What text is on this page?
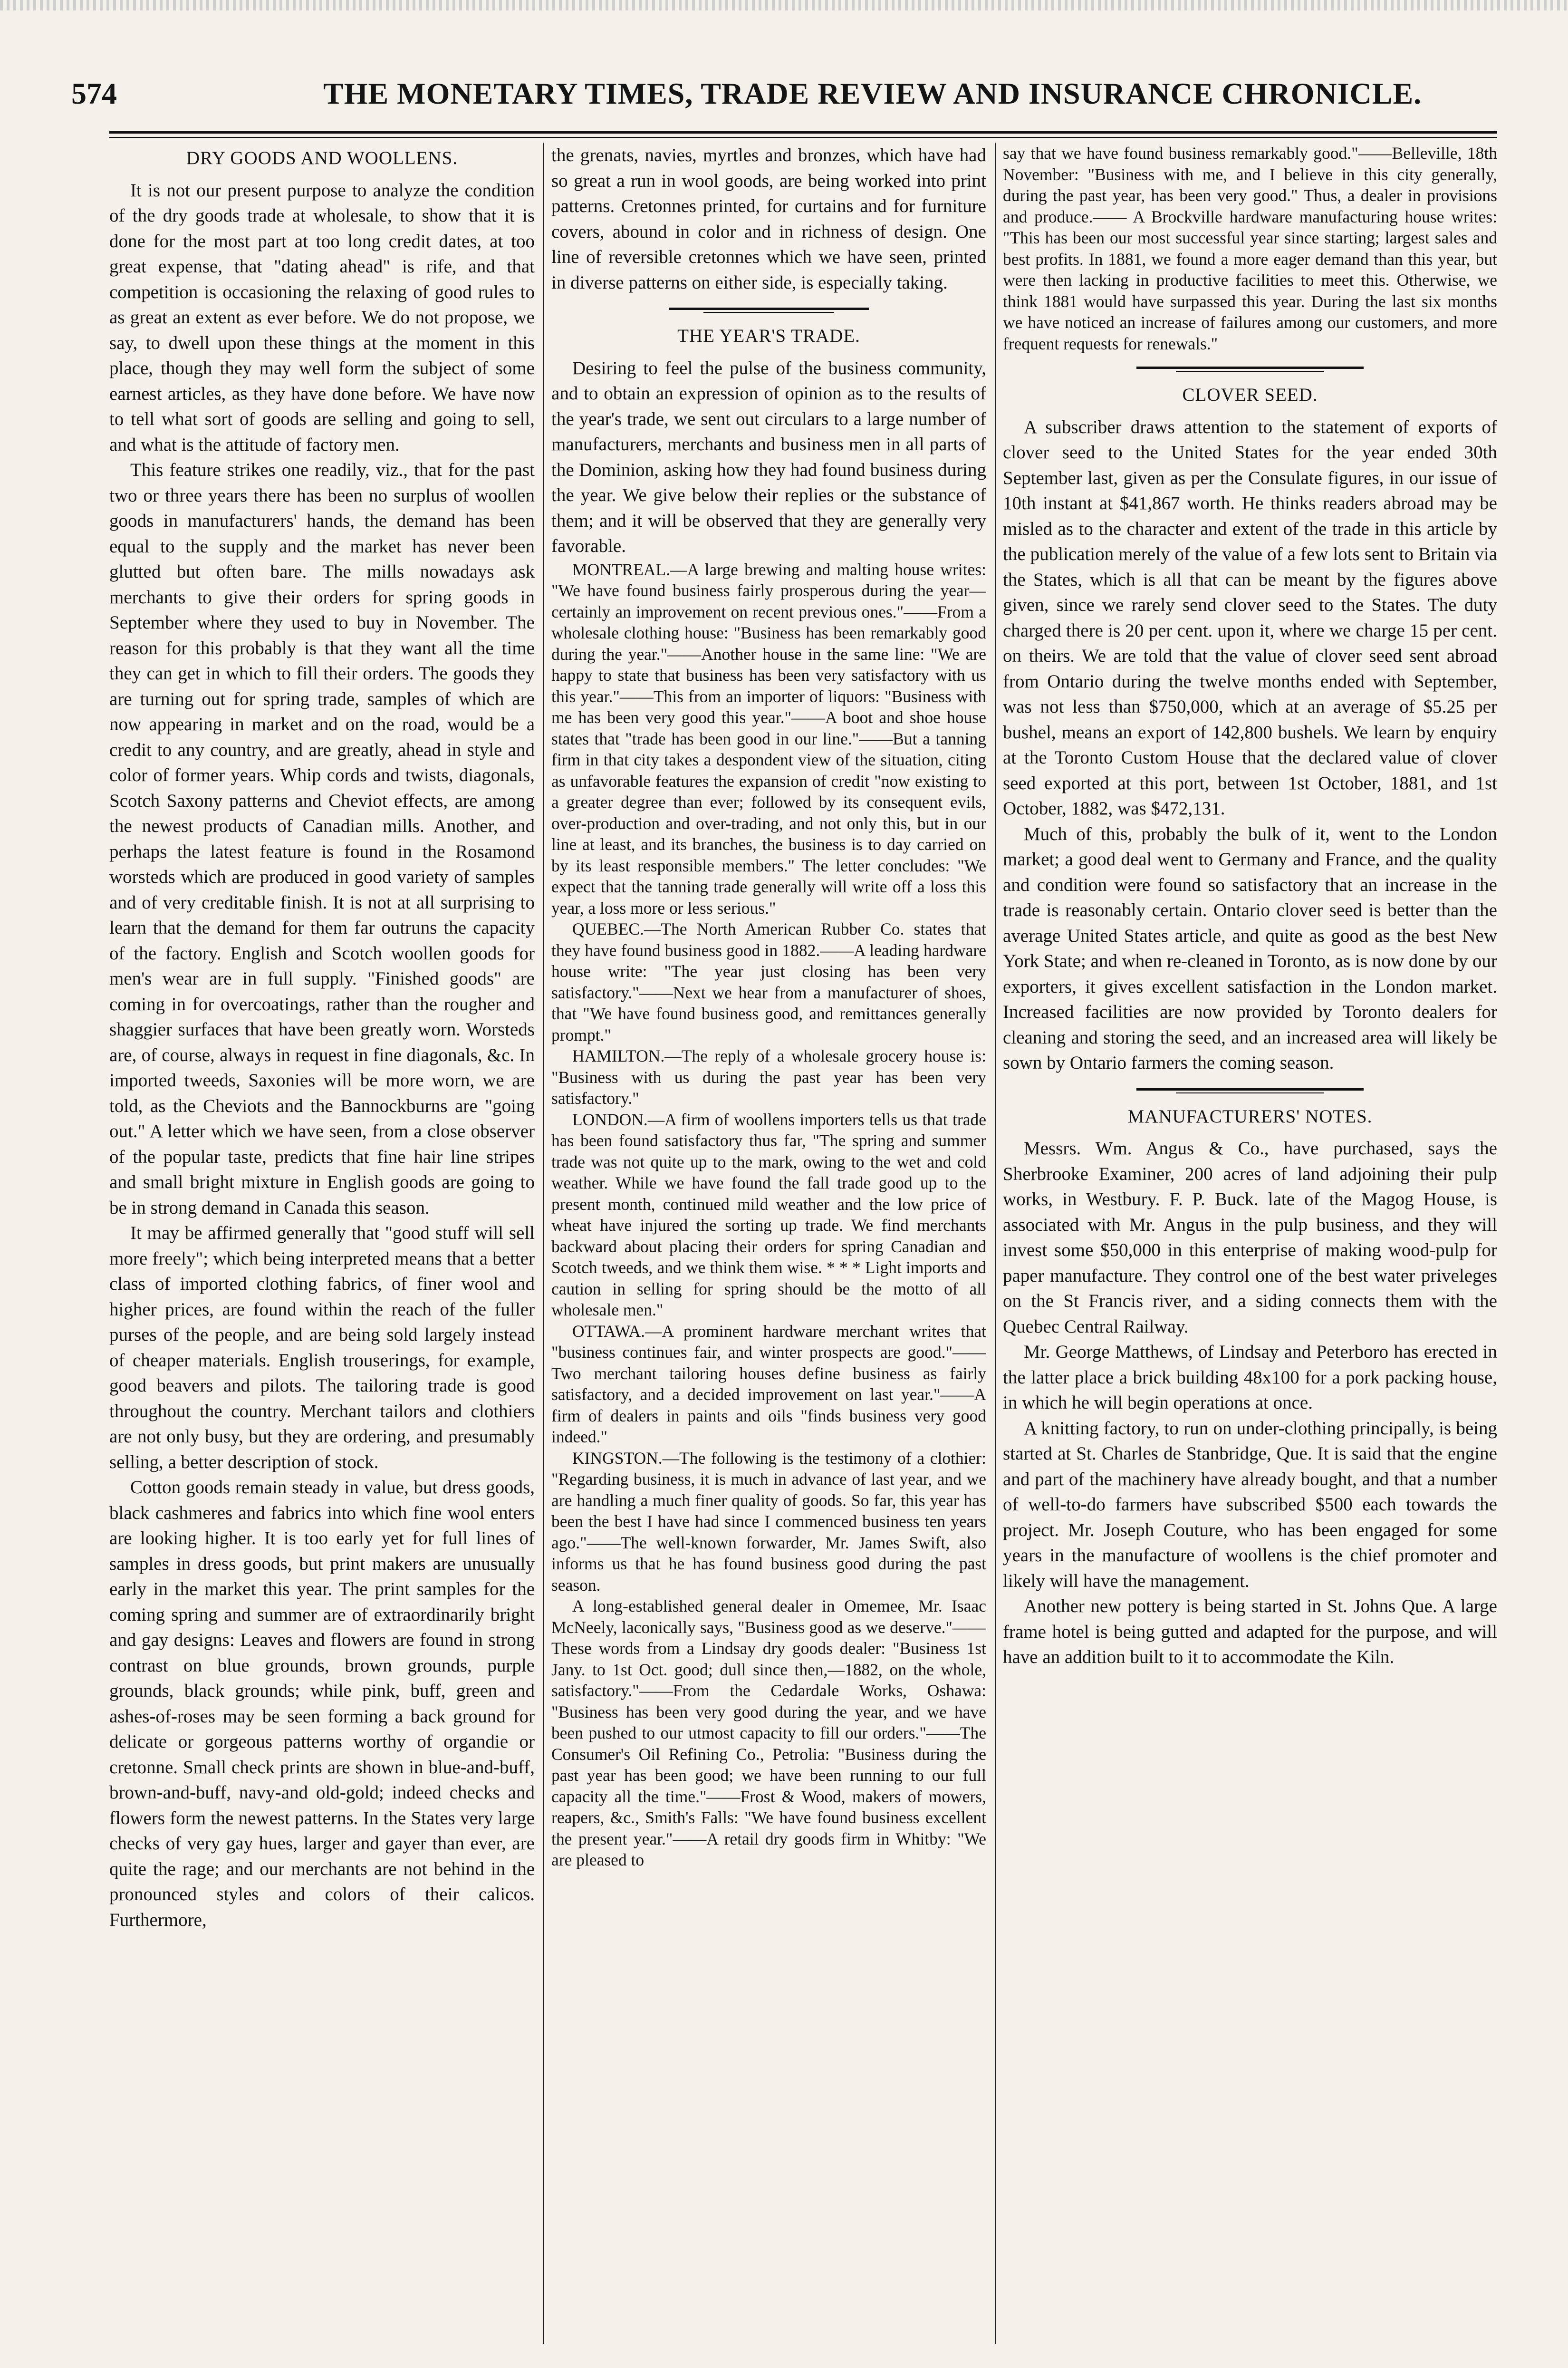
574	THE MONETARY TIMES, TRADE REVIEW AND INSURANCE CHRONICLE.
DRY GOODS AND WOOLLENS.

It is not our present purpose to analyze the condition of the dry goods trade at wholesale, to show that it is done for the most part at too long credit dates, at too great expense, that "dating ahead" is rife, and that competition is occasioning the relaxing of good rules to as great an extent as ever before. We do not propose, we say, to dwell upon these things at the moment in this place, though they may well form the subject of some earnest articles, as they have done before. We have now to tell what sort of goods are selling and going to sell, and what is the attitude of factory men.

This feature strikes one readily, viz., that for the past two or three years there has been no surplus of woollen goods in manufacturers' hands, the demand has been equal to the supply and the market has never been glutted but often bare. The mills nowadays ask merchants to give their orders for spring goods in September where they used to buy in November. The reason for this probably is that they want all the time they can get in which to fill their orders. The goods they are turning out for spring trade, samples of which are now appearing in market and on the road, would be a credit to any country, and are greatly, ahead in style and color of former years. Whip cords and twists, diagonals, Scotch Saxony patterns and Cheviot effects, are among the newest products of Canadian mills. Another, and perhaps the latest feature is found in the Rosamond worsteds which are produced in good variety of samples and of very creditable finish. It is not at all surprising to learn that the demand for them far outruns the capacity of the factory. English and Scotch woollen goods for men's wear are in full supply. "Finished goods" are coming in for overcoatings, rather than the rougher and shaggier surfaces that have been greatly worn. Worsteds are, of course, always in request in fine diagonals, &c. In imported tweeds, Saxonies will be more worn, we are told, as the Cheviots and the Bannockburns are "going out." A letter which we have seen, from a close observer of the popular taste, predicts that fine hair line stripes and small bright mixture in English goods are going to be in strong demand in Canada this season.

It may be affirmed generally that "good stuff will sell more freely"; which being interpreted means that a better class of imported clothing fabrics, of finer wool and higher prices, are found within the reach of the fuller purses of the people, and are being sold largely instead of cheaper materials. English trouserings, for example, good beavers and pilots. The tailoring trade is good throughout the country. Merchant tailors and clothiers are not only busy, but they are ordering, and presumably selling, a better description of stock.

Cotton goods remain steady in value, but dress goods, black cashmeres and fabrics into which fine wool enters are looking higher. It is too early yet for full lines of samples in dress goods, but print makers are unusually early in the market this year. The print samples for the coming spring and summer are of extraordinarily bright and gay designs: Leaves and flowers are found in strong contrast on blue grounds, brown grounds, purple grounds, black grounds; while pink, buff, green and ashes-of-roses may be seen forming a back ground for delicate or gorgeous patterns worthy of organdie or cretonne. Small check prints are shown in blue-and-buff, brown-and-buff, navy-and old-gold; indeed checks and flowers form the newest patterns. In the States very large checks of very gay hues, larger and gayer than ever, are quite the rage; and our merchants are not behind in the pronounced styles and colors of their calicos. Furthermore,

the grenats, navies, myrtles and bronzes, which have had so great a run in wool goods, are being worked into print patterns. Cretonnes printed, for curtains and for furniture covers, abound in color and in richness of design. One line of reversible cretonnes which we have seen, printed in diverse patterns on either side, is especially taking.

THE YEAR'S TRADE.

Desiring to feel the pulse of the business community, and to obtain an expression of opinion as to the results of the year's trade, we sent out circulars to a large number of manufacturers, merchants and business men in all parts of the Dominion, asking how they had found business during the year. We give below their replies or the substance of them; and it will be observed that they are generally very favorable.

MONTREAL.—A large brewing and malting house writes: "We have found business fairly prosperous during the year—certainly an improvement on recent previous ones."——From a wholesale clothing house: "Business has been remarkably good during the year."——Another house in the same line: "We are happy to state that business has been very satisfactory with us this year."——This from an importer of liquors: "Business with me has been very good this year."——A boot and shoe house states that "trade has been good in our line."——But a tanning firm in that city takes a despondent view of the situation, citing as unfavorable features the expansion of credit "now existing to a greater degree than ever; followed by its consequent evils, over-production and over-trading, and not only this, but in our line at least, and its branches, the business is to day carried on by its least responsible members." The letter concludes: "We expect that the tanning trade generally will write off a loss this year, a loss more or less serious."

QUEBEC.—The North American Rubber Co. states that they have found business good in 1882.——A leading hardware house write: "The year just closing has been very satisfactory."——Next we hear from a manufacturer of shoes, that "We have found business good, and remittances generally prompt."

HAMILTON.—The reply of a wholesale grocery house is: "Business with us during the past year has been very satisfactory."

LONDON.—A firm of woollens importers tells us that trade has been found satisfactory thus far, "The spring and summer trade was not quite up to the mark, owing to the wet and cold weather. While we have found the fall trade good up to the present month, continued mild weather and the low price of wheat have injured the sorting up trade. We find merchants backward about placing their orders for spring Canadian and Scotch tweeds, and we think them wise. * * * Light imports and caution in selling for spring should be the motto of all wholesale men."

OTTAWA.—A prominent hardware merchant writes that "business continues fair, and winter prospects are good."——Two merchant tailoring houses define business as fairly satisfactory, and a decided improvement on last year."——A firm of dealers in paints and oils "finds business very good indeed."

KINGSTON.—The following is the testimony of a clothier: "Regarding business, it is much in advance of last year, and we are handling a much finer quality of goods. So far, this year has been the best I have had since I commenced business ten years ago."——The well-known forwarder, Mr. James Swift, also informs us that he has found business good during the past season.

A long-established general dealer in Omemee, Mr. Isaac McNeely, laconically says, "Business good as we deserve."——These words from a Lindsay dry goods dealer: "Business 1st Jany. to 1st Oct. good; dull since then,—1882, on the whole, satisfactory."——From the Cedardale Works, Oshawa: "Business has been very good during the year, and we have been pushed to our utmost capacity to fill our orders."——The Consumer's Oil Refining Co., Petrolia: "Business during the past year has been good; we have been running to our full capacity all the time."——Frost & Wood, makers of mowers, reapers, &c., Smith's Falls: "We have found business excellent the present year."——A retail dry goods firm in Whitby: "We are pleased to

say that we have found business remarkably good."——Belleville, 18th November: "Business with me, and I believe in this city generally, during the past year, has been very good." Thus, a dealer in provisions and produce.—— A Brockville hardware manufacturing house writes: "This has been our most successful year since starting; largest sales and best profits. In 1881, we found a more eager demand than this year, but were then lacking in productive facilities to meet this. Otherwise, we think 1881 would have surpassed this year. During the last six months we have noticed an increase of failures among our customers, and more frequent requests for renewals."

CLOVER SEED.

A subscriber draws attention to the statement of exports of clover seed to the United States for the year ended 30th September last, given as per the Consulate figures, in our issue of 10th instant at $41,867 worth. He thinks readers abroad may be misled as to the character and extent of the trade in this article by the publication merely of the value of a few lots sent to Britain via the States, which is all that can be meant by the figures above given, since we rarely send clover seed to the States. The duty charged there is 20 per cent. upon it, where we charge 15 per cent. on theirs. We are told that the value of clover seed sent abroad from Ontario during the twelve months ended with September, was not less than $750,000, which at an average of $5.25 per bushel, means an export of 142,800 bushels. We learn by enquiry at the Toronto Custom House that the declared value of clover seed exported at this port, between 1st October, 1881, and 1st October, 1882, was $472,131.

Much of this, probably the bulk of it, went to the London market; a good deal went to Germany and France, and the quality and condition were found so satisfactory that an increase in the trade is reasonably certain. Ontario clover seed is better than the average United States article, and quite as good as the best New York State; and when re-cleaned in Toronto, as is now done by our exporters, it gives excellent satisfaction in the London market. Increased facilities are now provided by Toronto dealers for cleaning and storing the seed, and an increased area will likely be sown by Ontario farmers the coming season.

MANUFACTURERS' NOTES.

Messrs. Wm. Angus & Co., have purchased, says the Sherbrooke Examiner, 200 acres of land adjoining their pulp works, in Westbury. F. P. Buck. late of the Magog House, is associated with Mr. Angus in the pulp business, and they will invest some $50,000 in this enterprise of making wood-pulp for paper manufacture. They control one of the best water priveleges on the St Francis river, and a siding connects them with the Quebec Central Railway.

Mr. George Matthews, of Lindsay and Peterboro has erected in the latter place a brick building 48x100 for a pork packing house, in which he will begin operations at once.

A knitting factory, to run on under-clothing principally, is being started at St. Charles de Stanbridge, Que. It is said that the engine and part of the machinery have already bought, and that a number of well-to-do farmers have subscribed $500 each towards the project. Mr. Joseph Couture, who has been engaged for some years in the manufacture of woollens is the chief promoter and likely will have the management.

Another new pottery is being started in St. Johns Que. A large frame hotel is being gutted and adapted for the purpose, and will have an addition built to it to accommodate the Kiln.
